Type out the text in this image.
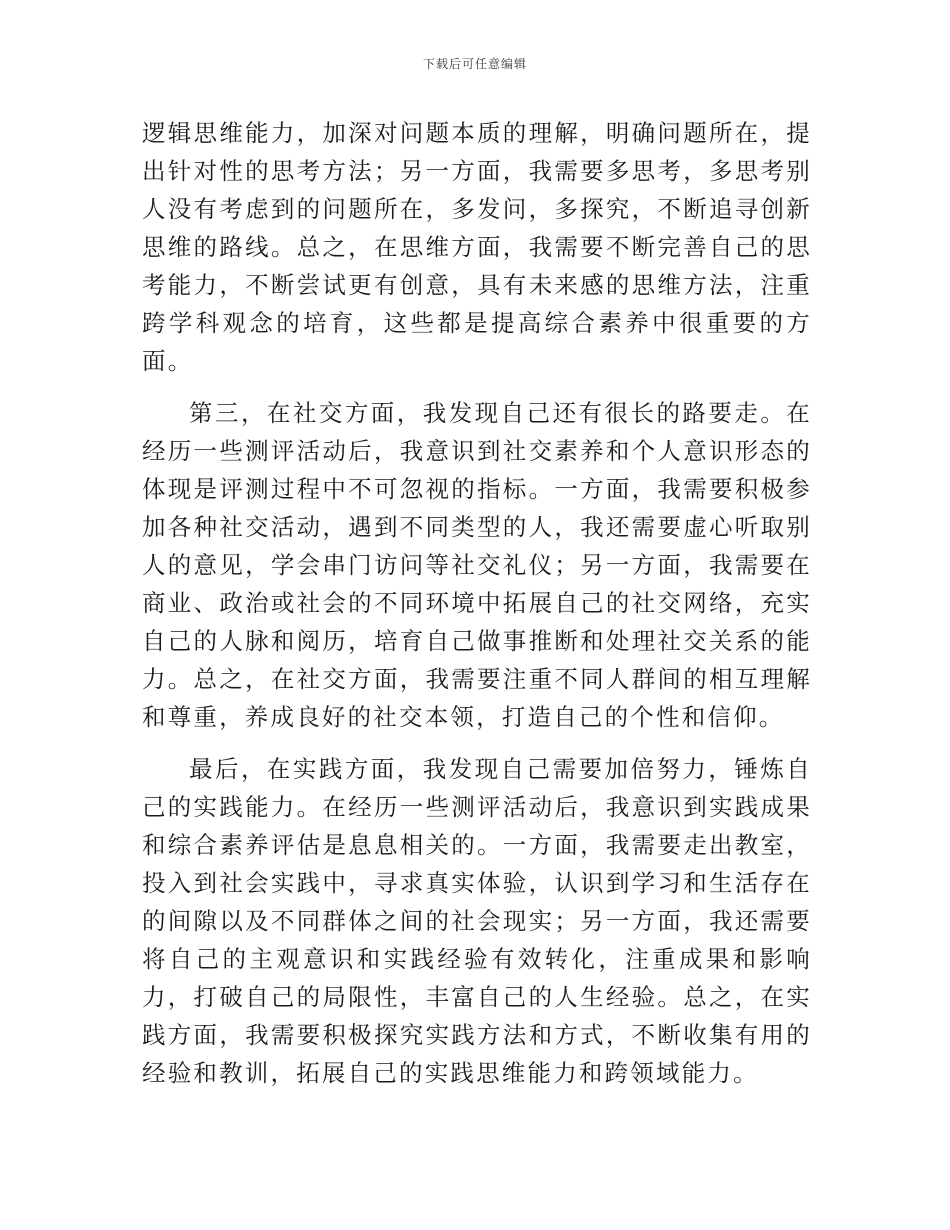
下载后可任意编辑

逻辑思维能力，加深对问题本质的理解，明确问题所在，提出针对性的思考方法；另一方面，我需要多思考，多思考别人没有考虑到的问题所在，多发问，多探究，不断追寻创新思维的路线。总之，在思维方面，我需要不断完善自己的思考能力，不断尝试更有创意，具有未来感的思维方法，注重跨学科观念的培育，这些都是提高综合素养中很重要的方面。

第三，在社交方面，我发现自己还有很长的路要走。在经历一些测评活动后，我意识到社交素养和个人意识形态的体现是评测过程中不可忽视的指标。一方面，我需要积极参加各种社交活动，遇到不同类型的人，我还需要虚心听取别人的意见，学会串门访问等社交礼仪；另一方面，我需要在商业、政治或社会的不同环境中拓展自己的社交网络，充实自己的人脉和阅历，培育自己做事推断和处理社交关系的能力。总之，在社交方面，我需要注重不同人群间的相互理解和尊重，养成良好的社交本领，打造自己的个性和信仰。

最后，在实践方面，我发现自己需要加倍努力，锤炼自己的实践能力。在经历一些测评活动后，我意识到实践成果和综合素养评估是息息相关的。一方面，我需要走出教室，投入到社会实践中，寻求真实体验，认识到学习和生活存在的间隙以及不同群体之间的社会现实；另一方面，我还需要将自己的主观意识和实践经验有效转化，注重成果和影响力，打破自己的局限性，丰富自己的人生经验。总之，在实践方面，我需要积极探究实践方法和方式，不断收集有用的经验和教训，拓展自己的实践思维能力和跨领域能力。
